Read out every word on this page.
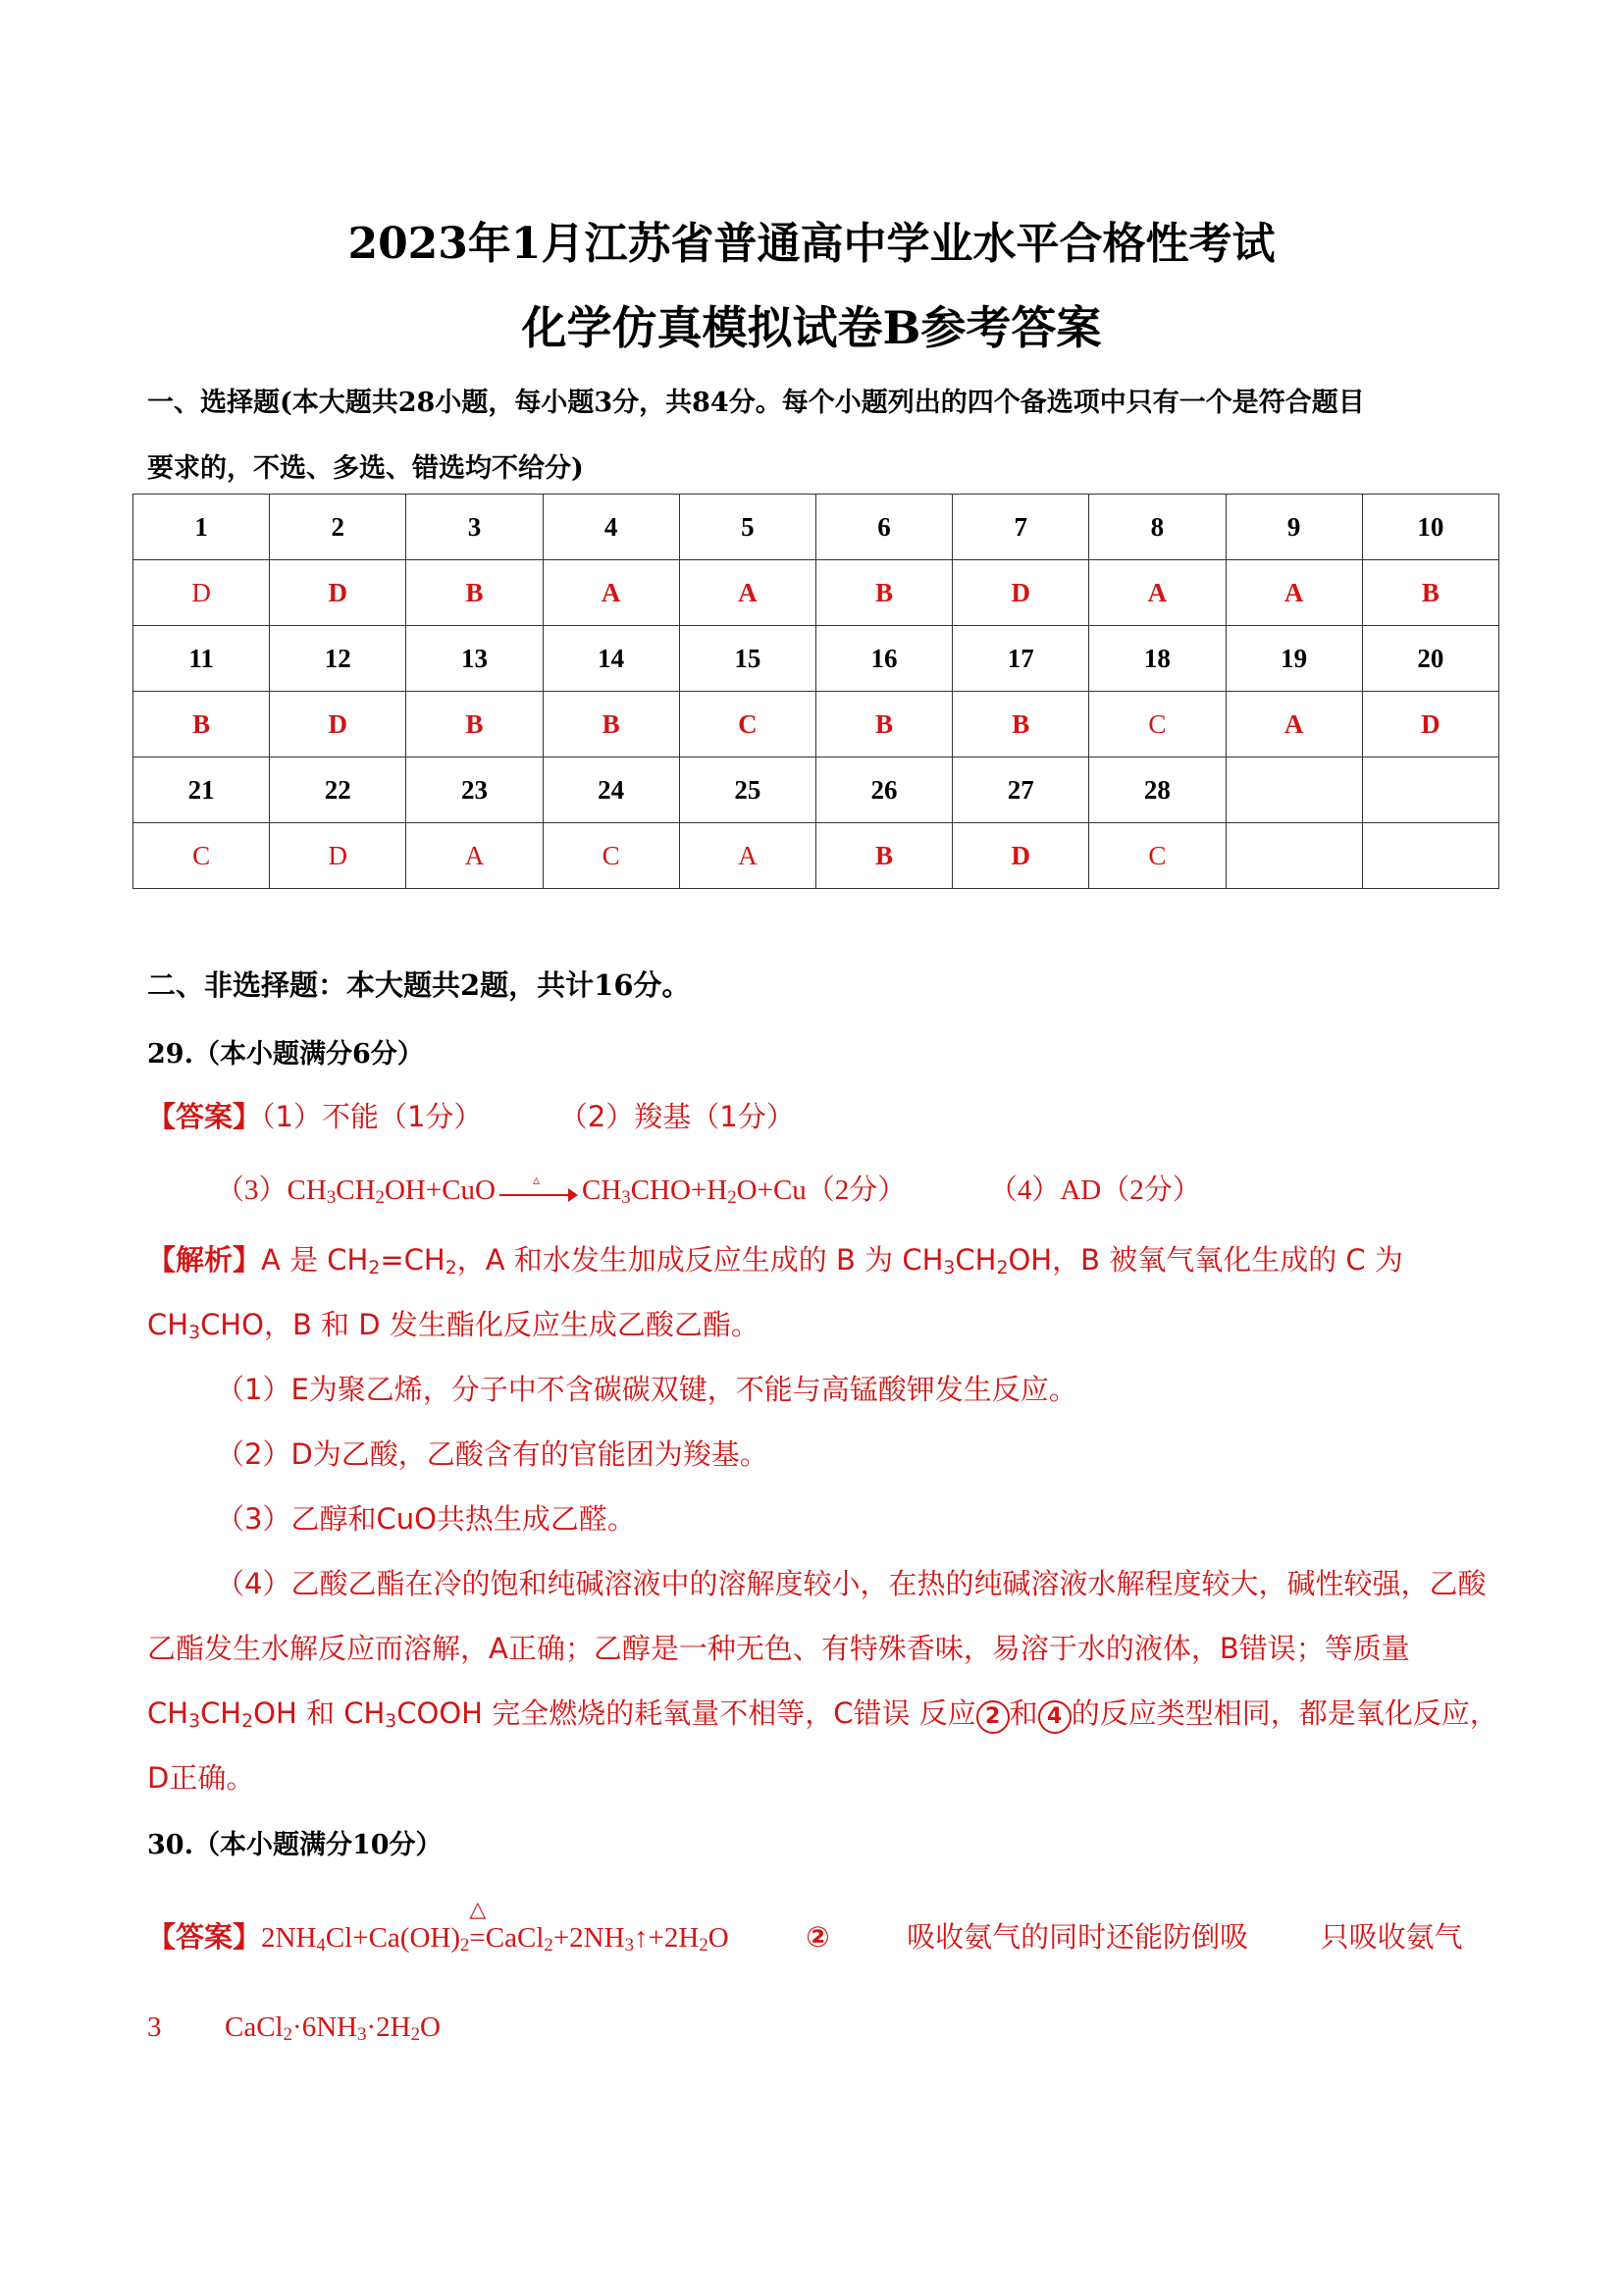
2023年1月江苏省普通高中学业水平合格性考试
化学仿真模拟试卷B参考答案
一、选择题(本大题共28小题，每小题3分，共84分。每个小题列出的四个备选项中只有一个是符合题目
要求的，不选、多选、错选均不给分)
1	2	3	4	5	6	7	8	9	10
D	D	B	A	A	B	D	A	A	B
11	12	13	14	15	16	17	18	19	20
B	D	B	B	C	B	B	C	A	D
21	22	23	24	25	26	27	28		
C	D	A	C	A	B	D	C		
二、非选择题：本大题共2题，共计16分。
29.（本小题满分6分）
【答案】（1）不能（1分）	（2）羧基（1分）
$(3)CH_3CH_2OH+CuO$	▵ $CH_3CHO+H_2O+Cu(2$分）	（4）AD（2分）
【解析】A 是 $CH_2=CH_2$，A 和水发生加成反应生成的 B 为 $CH_3CH_2OH$，B 被氧气氧化生成的 C 为
$CH_3CHO$，B 和 D 发生酯化反应生成乙酸乙酯。
（1）E为聚乙烯，分子中不含碳碳双键，不能与高锰酸钾发生反应。
（2）D为乙酸，乙酸含有的官能团为羧基。
（3）乙醇和CuO共热生成乙醛。
（4）乙酸乙酯在冷的饱和纯碱溶液中的溶解度较小，在热的纯碱溶液水解程度较大，碱性较强，乙酸
乙酯发生水解反应而溶解，A正确；乙醇是一种无色、有特殊香味，易溶于水的液体，B错误；等质量
$CH_3CH_2OH$ 和 $CH_3COOH$ 完全燃烧的耗氧量不相等，C错误 反应 2 和 4 的反应类型相同，都是氧化反应，
D正确。
30.（本小题满分10分）
【答案】$2NH_4Cl+Ca(OH)_2$
△
$=CaCl_2+2NH_3↑+2H_2O$	②	吸收氨气的同时还能防倒吸	只吸收氨气
3 $CaCl_2\cdot 6NH_3\cdot 2H_2O$
